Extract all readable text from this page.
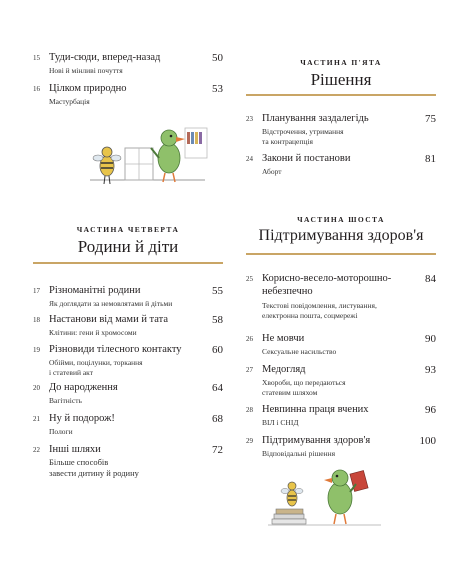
15 Туди-сюди, вперед-назад	50
Нові й мінливі почуття
16 Цілком природно	53
Мастурбація
ЧАСТИНА ЧЕТВЕРТА
Родини й діти
17 Різноманітні родини	55
Як доглядати за немовлятами й дітьми
18 Настанови від мами й тата	58
Клітини: гени й хромосоми
19 Різновиди тілесного контакту	60
Обійми, поцілунки, торкання
і статевий акт
20 До народження	64
Вагітність
21 Ну й подорож!	68
Пологи
22 Інші шляхи	72
Більше способів
завести дитину й родину
ЧАСТИНА П'ЯТА
Рішення
23 Планування заздалегідь	75
Відстрочення, утримання
та контрацепція
24 Закони й постанови	81
Аборт
ЧАСТИНА ШОСТА
Підтримування здоров'я
25 Корисно-весело-моторошно-
небезпечно
84
Текстові повідомлення, листування,
електронна пошта, соцмережі
26 Не мовчи	90
Сексуальне насильство
27 Медогляд	93
Хвороби, що передаються
статевим шляхом
28 Невпинна праця вчених	96
ВІЛ і СНІД
29 Підтримування здоров'я	100
Відповідальні рішення
